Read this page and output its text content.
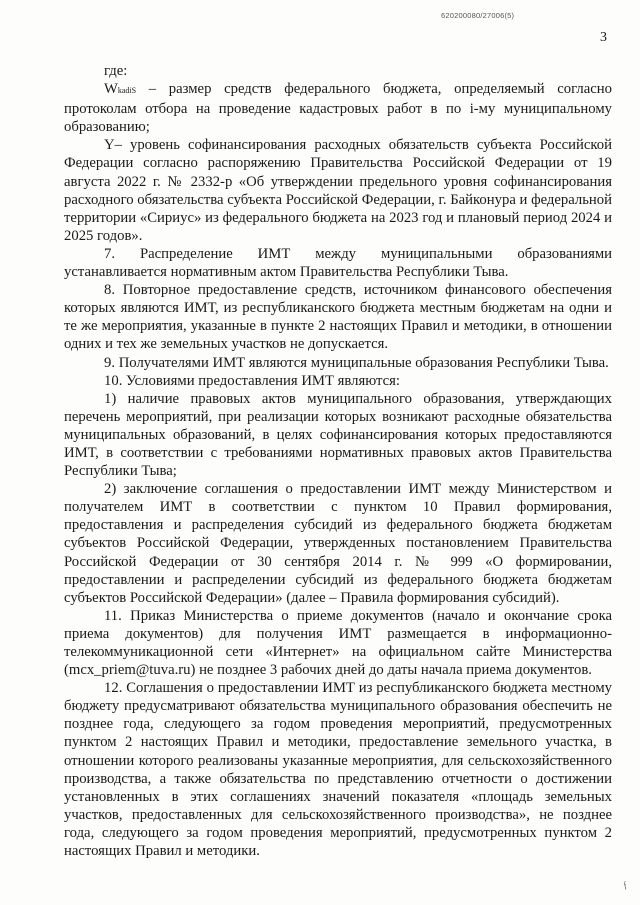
620200080/27006(5)
3

где:

WkadiS – размер средств федерального бюджета, определяемый согласно протоколам отбора на проведение кадастровых работ в по i-му муниципальному образованию;

Y– уровень софинансирования расходных обязательств субъекта Российской Федерации согласно распоряжению Правительства Российской Федерации от 19 августа 2022 г. № 2332-р «Об утверждении предельного уровня софинансирования расходного обязательства субъекта Российской Федерации, г. Байконура и федеральной территории «Сириус» из федерального бюджета на 2023 год и плановый период 2024 и 2025 годов».

7. Распределение ИМТ между муниципальными образованиями устанавливается нормативным актом Правительства Республики Тыва.

8. Повторное предоставление средств, источником финансового обеспечения которых являются ИМТ, из республиканского бюджета местным бюджетам на одни и те же мероприятия, указанные в пункте 2 настоящих Правил и методики, в отношении одних и тех же земельных участков не допускается.

9. Получателями ИМТ являются муниципальные образования Республики Тыва.

10. Условиями предоставления ИМТ являются:

1) наличие правовых актов муниципального образования, утверждающих перечень мероприятий, при реализации которых возникают расходные обязательства муниципальных образований, в целях софинансирования которых предоставляются ИМТ, в соответствии с требованиями нормативных правовых актов Правительства Республики Тыва;

2) заключение соглашения о предоставлении ИМТ между Министерством и получателем ИМТ в соответствии с пунктом 10 Правил формирования, предоставления и распределения субсидий из федерального бюджета бюджетам субъектов Российской Федерации, утвержденных постановлением Правительства Российской Федерации от 30 сентября 2014 г. № 999 «О формировании, предоставлении и распределении субсидий из федерального бюджета бюджетам субъектов Российской Федерации» (далее – Правила формирования субсидий).

11. Приказ Министерства о приеме документов (начало и окончание срока приема документов) для получения ИМТ размещается в информационно-телекоммуникационной сети «Интернет» на официальном сайте Министерства (mcx_priem@tuva.ru) не позднее 3 рабочих дней до даты начала приема документов.

12. Соглашения о предоставлении ИМТ из республиканского бюджета местному бюджету предусматривают обязательства муниципального образования обеспечить не позднее года, следующего за годом проведения мероприятий, предусмотренных пунктом 2 настоящих Правил и методики, предоставление земельного участка, в отношении которого реализованы указанные мероприятия, для сельскохозяйственного производства, а также обязательства по представлению отчетности о достижении установленных в этих соглашениях значений показателя «площадь земельных участков, предоставленных для сельскохозяйственного производства», не позднее года, следующего за годом проведения мероприятий, предусмотренных пунктом 2 настоящих Правил и методики.

ƒ
